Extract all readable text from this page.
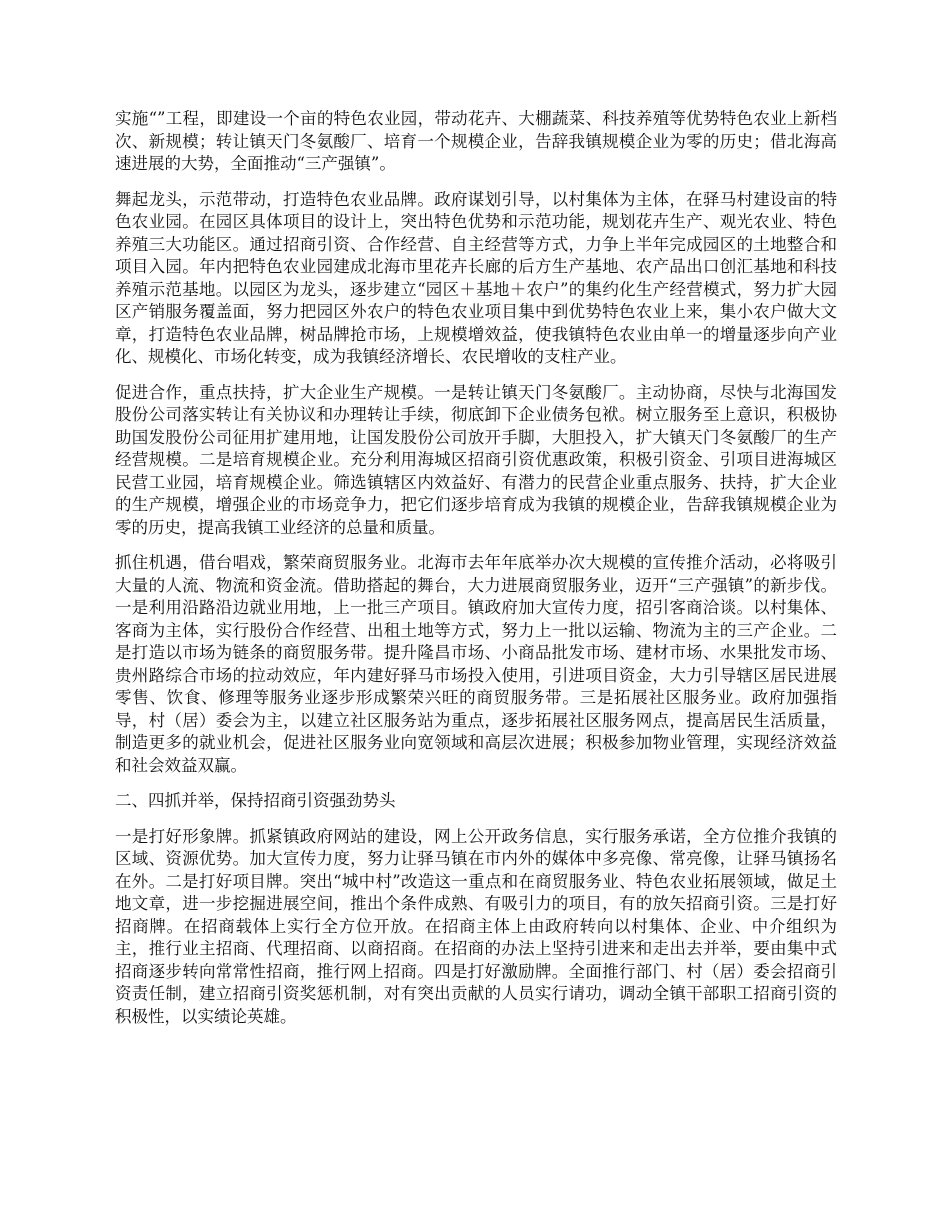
实施“”工程，即建设一个亩的特色农业园，带动花卉、大棚蔬菜、科技养殖等优势特色农业上新档次、新规模；转让镇天门冬氨酸厂、培育一个规模企业，告辞我镇规模企业为零的历史；借北海高速进展的大势，全面推动“三产强镇”。

舞起龙头，示范带动，打造特色农业品牌。政府谋划引导，以村集体为主体，在驿马村建设亩的特色农业园。在园区具体项目的设计上，突出特色优势和示范功能，规划花卉生产、观光农业、特色养殖三大功能区。通过招商引资、合作经营、自主经营等方式，力争上半年完成园区的土地整合和项目入园。年内把特色农业园建成北海市里花卉长廊的后方生产基地、农产品出口创汇基地和科技养殖示范基地。以园区为龙头，逐步建立“园区＋基地＋农户”的集约化生产经营模式，努力扩大园区产销服务覆盖面，努力把园区外农户的特色农业项目集中到优势特色农业上来，集小农户做大文章，打造特色农业品牌，树品牌抢市场，上规模增效益，使我镇特色农业由单一的增量逐步向产业化、规模化、市场化转变，成为我镇经济增长、农民增收的支柱产业。

促进合作，重点扶持，扩大企业生产规模。一是转让镇天门冬氨酸厂。主动协商，尽快与北海国发股份公司落实转让有关协议和办理转让手续，彻底卸下企业债务包袱。树立服务至上意识，积极协助国发股份公司征用扩建用地，让国发股份公司放开手脚，大胆投入，扩大镇天门冬氨酸厂的生产经营规模。二是培育规模企业。充分利用海城区招商引资优惠政策，积极引资金、引项目进海城区民营工业园，培育规模企业。筛选镇辖区内效益好、有潜力的民营企业重点服务、扶持，扩大企业的生产规模，增强企业的市场竞争力，把它们逐步培育成为我镇的规模企业，告辞我镇规模企业为零的历史，提高我镇工业经济的总量和质量。

抓住机遇，借台唱戏，繁荣商贸服务业。北海市去年年底举办次大规模的宣传推介活动，必将吸引大量的人流、物流和资金流。借助搭起的舞台，大力进展商贸服务业，迈开“三产强镇”的新步伐。一是利用沿路沿边就业用地，上一批三产项目。镇政府加大宣传力度，招引客商洽谈。以村集体、客商为主体，实行股份合作经营、出租土地等方式，努力上一批以运输、物流为主的三产企业。二是打造以市场为链条的商贸服务带。提升隆昌市场、小商品批发市场、建材市场、水果批发市场、贵州路综合市场的拉动效应，年内建好驿马市场投入使用，引进项目资金，大力引导辖区居民进展零售、饮食、修理等服务业逐步形成繁荣兴旺的商贸服务带。三是拓展社区服务业。政府加强指导，村（居）委会为主，以建立社区服务站为重点，逐步拓展社区服务网点，提高居民生活质量，制造更多的就业机会，促进社区服务业向宽领域和高层次进展；积极参加物业管理，实现经济效益和社会效益双赢。

二、四抓并举，保持招商引资强劲势头

一是打好形象牌。抓紧镇政府网站的建设，网上公开政务信息，实行服务承诺，全方位推介我镇的区域、资源优势。加大宣传力度，努力让驿马镇在市内外的媒体中多亮像、常亮像，让驿马镇扬名在外。二是打好项目牌。突出“城中村”改造这一重点和在商贸服务业、特色农业拓展领域，做足土地文章，进一步挖掘进展空间，推出个条件成熟、有吸引力的项目，有的放矢招商引资。三是打好招商牌。在招商载体上实行全方位开放。在招商主体上由政府转向以村集体、企业、中介组织为主，推行业主招商、代理招商、以商招商。在招商的办法上坚持引进来和走出去并举，要由集中式招商逐步转向常常性招商，推行网上招商。四是打好激励牌。全面推行部门、村（居）委会招商引资责任制，建立招商引资奖惩机制，对有突出贡献的人员实行请功，调动全镇干部职工招商引资的积极性，以实绩论英雄。
